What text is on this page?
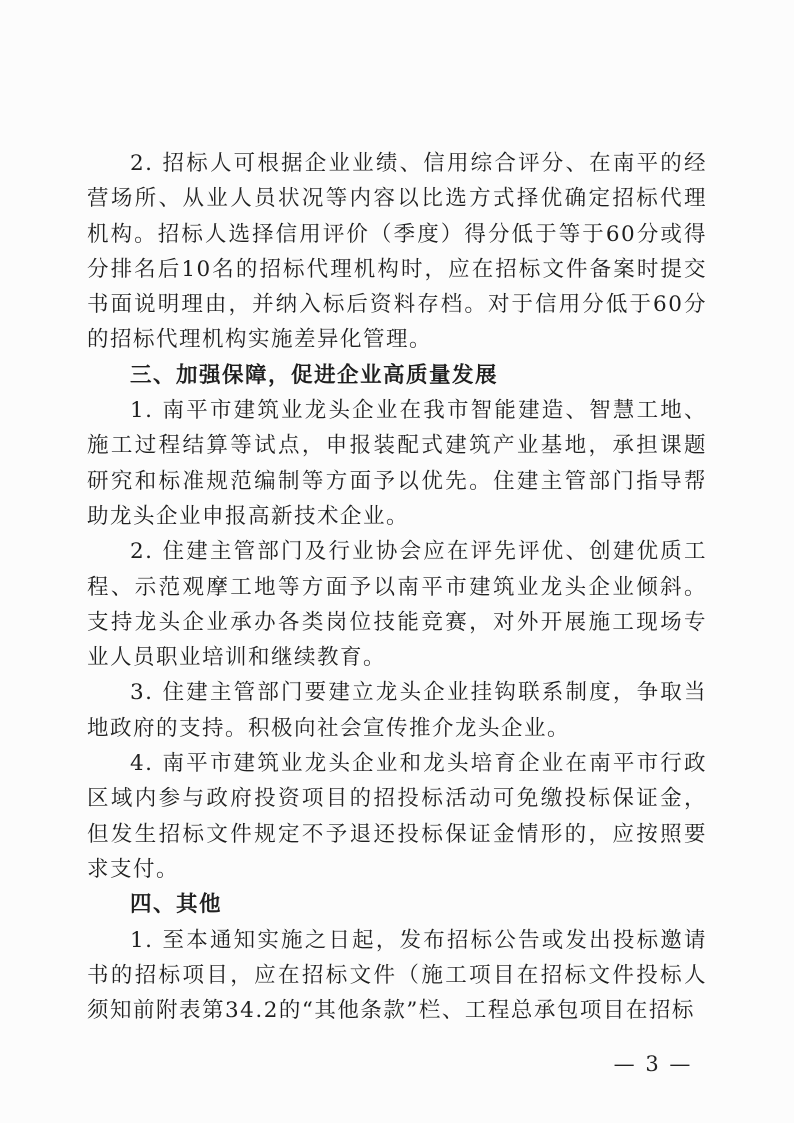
2. 招标人可根据企业业绩、信用综合评分、在南平的经营场所、从业人员状况等内容以比选方式择优确定招标代理机构。招标人选择信用评价（季度）得分低于等于60分或得分排名后10名的招标代理机构时，应在招标文件备案时提交书面说明理由，并纳入标后资料存档。对于信用分低于60分的招标代理机构实施差异化管理。

三、加强保障，促进企业高质量发展

1. 南平市建筑业龙头企业在我市智能建造、智慧工地、施工过程结算等试点，申报装配式建筑产业基地，承担课题研究和标准规范编制等方面予以优先。住建主管部门指导帮助龙头企业申报高新技术企业。

2. 住建主管部门及行业协会应在评先评优、创建优质工程、示范观摩工地等方面予以南平市建筑业龙头企业倾斜。支持龙头企业承办各类岗位技能竞赛，对外开展施工现场专业人员职业培训和继续教育。

3. 住建主管部门要建立龙头企业挂钩联系制度，争取当地政府的支持。积极向社会宣传推介龙头企业。

4. 南平市建筑业龙头企业和龙头培育企业在南平市行政区域内参与政府投资项目的招投标活动可免缴投标保证金，但发生招标文件规定不予退还投标保证金情形的，应按照要求支付。

四、其他

1. 至本通知实施之日起，发布招标公告或发出投标邀请书的招标项目，应在招标文件（施工项目在招标文件投标人须知前附表第34.2的“其他条款”栏、工程总承包项目在招标

— 3 —
